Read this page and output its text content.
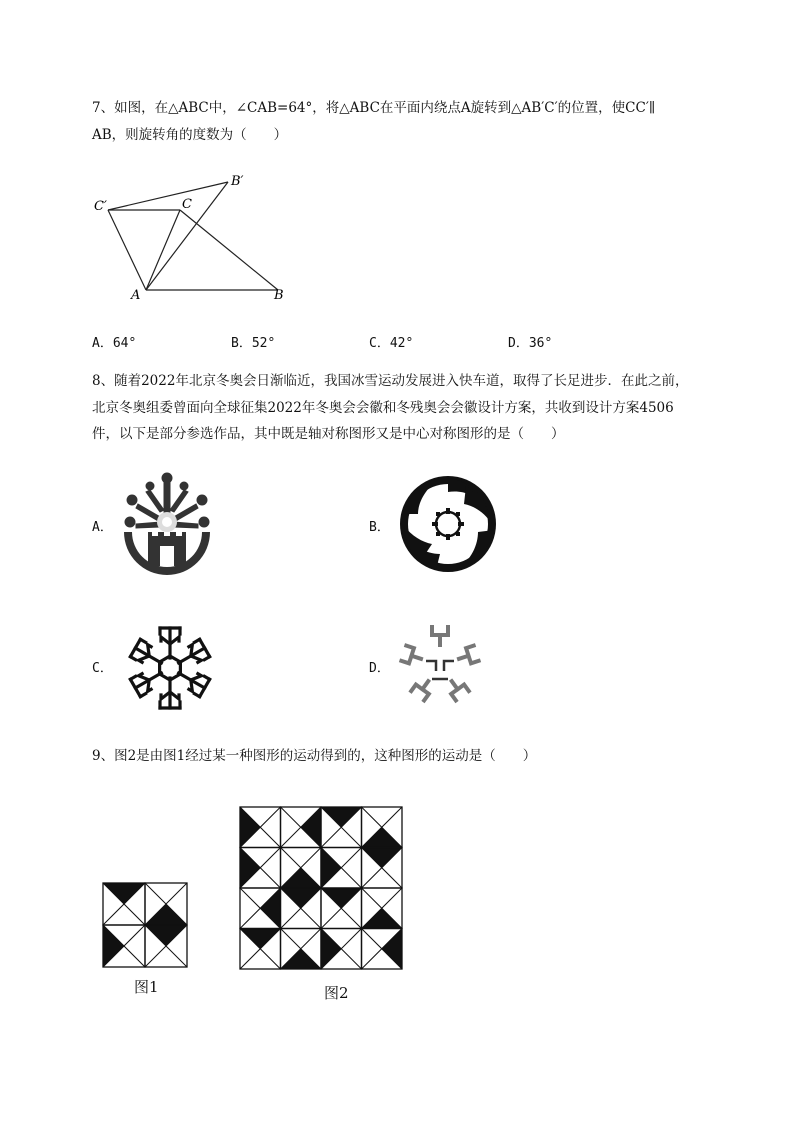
7、如图，在△ABC中，∠CAB=64°，将△ABC在平面内绕点A旋转到△AB′C′的位置，使CC′∥
AB，则旋转角的度数为（　　）
A	B
C
B′
C′
A．64°	B．52°	C．42°	D．36°
8、随着2022年北京冬奥会日渐临近，我国冰雪运动发展进入快车道，取得了长足进步．在此之前，
北京冬奥组委曾面向全球征集2022年冬奥会会徽和冬残奥会会徽设计方案，共收到设计方案4506
件，以下是部分参选作品，其中既是轴对称图形又是中心对称图形的是（　　）
A．	B．
C．	D．
9、图2是由图1经过某一种图形的运动得到的，这种图形的运动是（　　）
图1	图2
